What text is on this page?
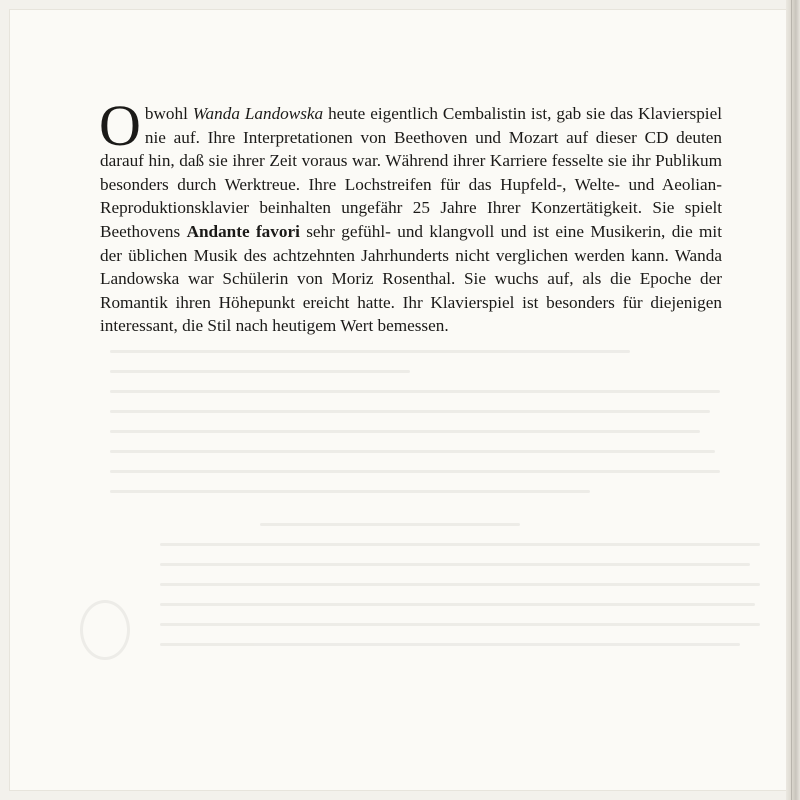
Obwohl Wanda Landowska heute eigentlich Cembalistin ist, gab sie das Klavierspiel nie auf. Ihre Interpretationen von Beethoven und Mozart auf dieser CD deuten darauf hin, daß sie ihrer Zeit voraus war. Während ihrer Karriere fesselte sie ihr Publikum besonders durch Werktreue. Ihre Lochstreifen für das Hupfeld-, Welte- und Aeolian-Reproduktionsklavier beinhalten ungefähr 25 Jahre Ihrer Konzertätigkeit. Sie spielt Beethovens Andante favori sehr gefühl- und klangvoll und ist eine Musikerin, die mit der üblichen Musik des achtzehnten Jahrhunderts nicht verglichen werden kann. Wanda Landowska war Schülerin von Moriz Rosenthal. Sie wuchs auf, als die Epoche der Romantik ihren Höhepunkt ereicht hatte. Ihr Klavierspiel ist besonders für diejenigen interessant, die Stil nach heutigem Wert bemessen.
